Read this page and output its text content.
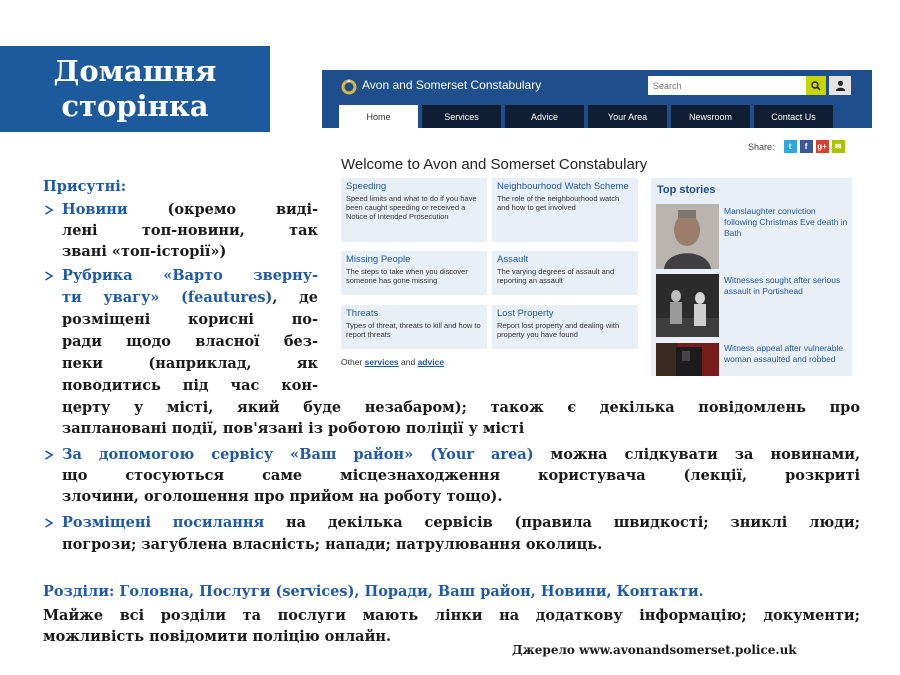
Домашня
сторінка
Avon and Somerset Constabulary
Search
Home	Services	Advice	Your Area	Newsroom	Contact Us
Share:	t	f	g+ ✉
Welcome to Avon and Somerset Constabulary
Speeding
Speed limits and what to do if you have been caught speeding or received a Notice of Intended Prosecution
Neighbourhood Watch Scheme
The role of the neighbourhood watch and how to get involved
Missing People
The steps to take when you discover someone has gone missing
Assault
The varying degrees of assault and reporting an assault
Threats
Types of threat, threats to kill and how to report threats
Lost Property
Report lost property and dealing with property you have found
Other services and advice
Top stories
Manslaughter conviction following Christmas Eve death in Bath
Witnesses sought after serious assault in Portishead
Witness appeal after vulnerable woman assaulted and robbed
Присутні:
Новини (окремо виді-
лені топ-новини, так
звані «топ-історії»)
Рубрика «Варто зверну-
ти увагу» (feautures), де
розміщені корисні по-
ради щодо власної без-
пеки (наприклад, як
поводитись під час кон-
церту у місті, який буде незабаром); також є декілька повідомлень про
заплановані події, пов'язані із роботою поліції у місті
За допомогою сервісу «Ваш район» (Your area) можна слідкувати за новинами,
що стосуються саме місцезнаходження користувача (лекції, розкриті
злочини, оголошення про прийом на роботу тощо).
Розміщені посилання на декілька сервісів (правила швидкості; зниклі люди;
погрози; загублена власність; напади; патрулювання околиць.
Розділи: Головна, Послуги (services), Поради, Ваш район, Новини, Контакти.
Майже всі розділи та послуги мають лінки на додаткову інформацію; документи;
можливість повідомити поліцію онлайн.
Джерело www.avonandsomerset.police.uk
